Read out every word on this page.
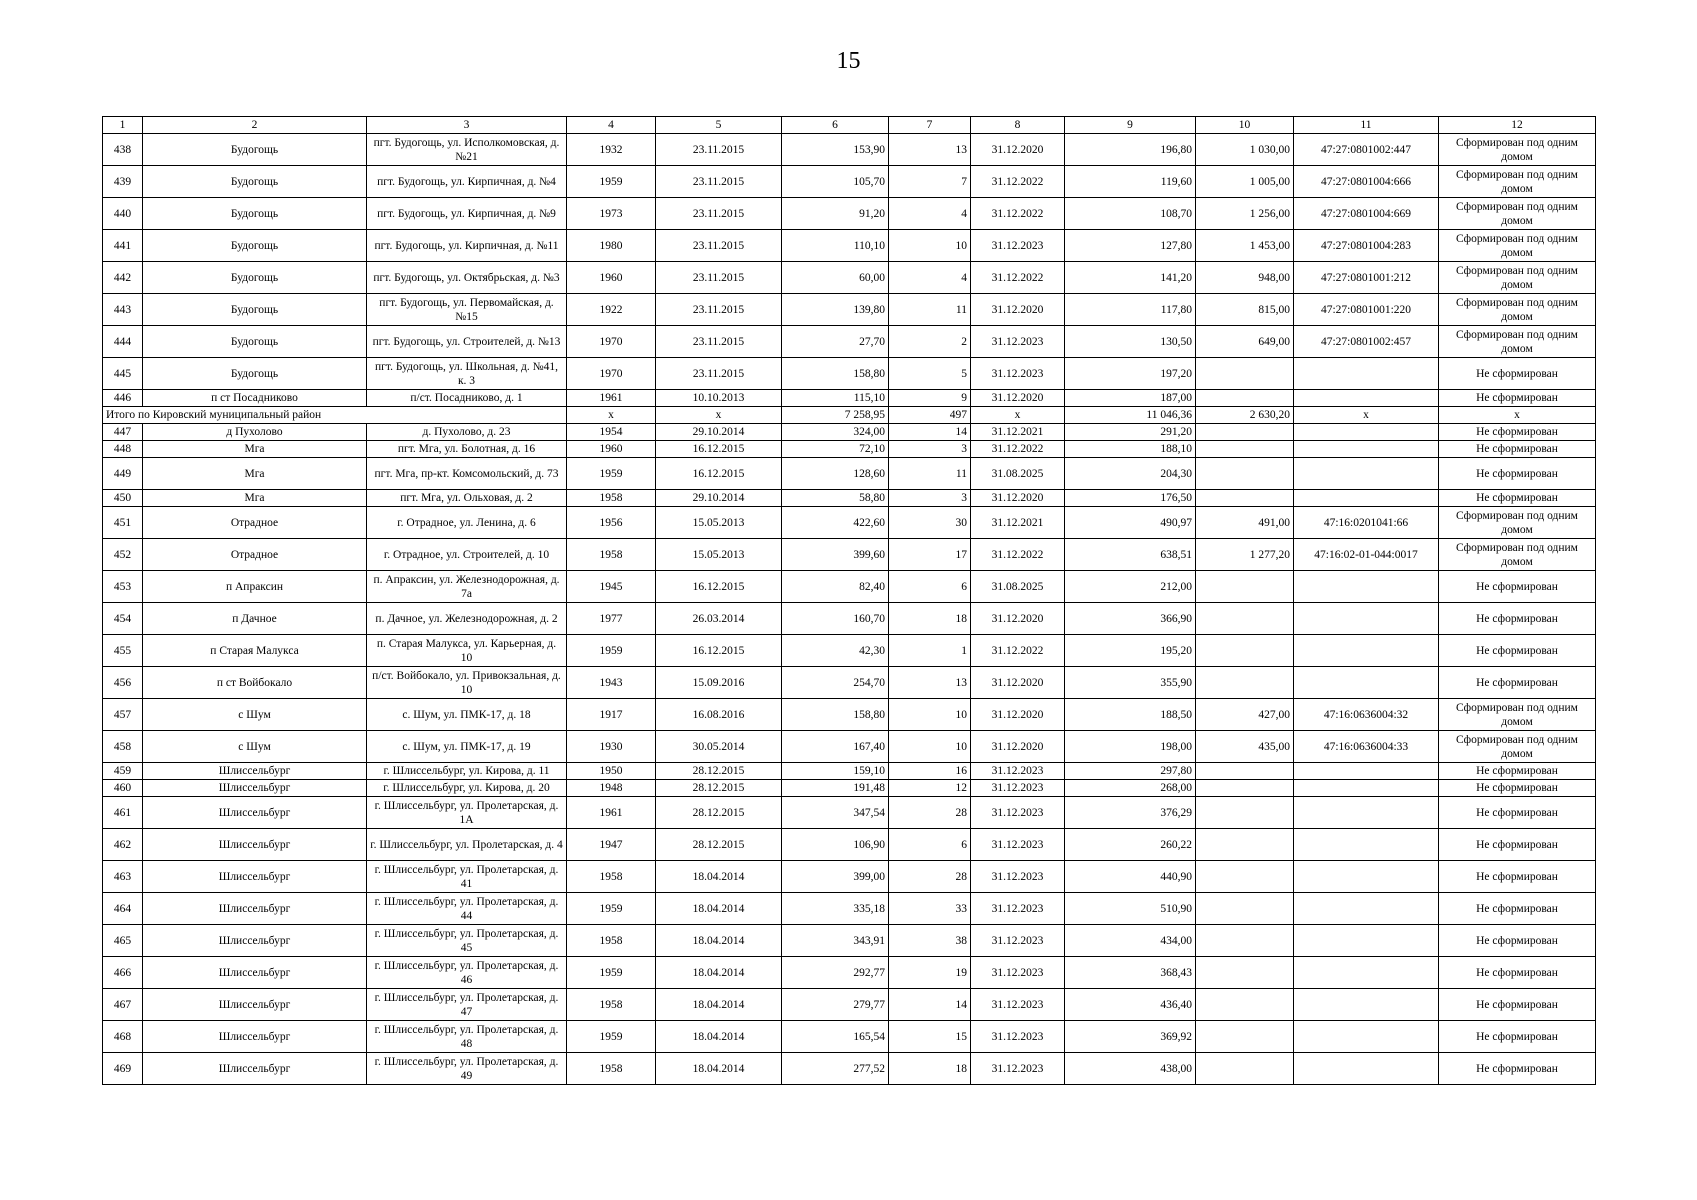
15
1	2	3	4	5	6	7	8	9	10	11	12
438	Будогощь	пгт. Будогощь, ул. Исполкомовская, д. №21	1932	23.11.2015	153,90	13	31.12.2020	196,80	1 030,00	47:27:0801002:447	Сформирован под одним домом
439	Будогощь	пгт. Будогощь, ул. Кирпичная, д. №4	1959	23.11.2015	105,70	7	31.12.2022	119,60	1 005,00	47:27:0801004:666	Сформирован под одним домом
440	Будогощь	пгт. Будогощь, ул. Кирпичная, д. №9	1973	23.11.2015	91,20	4	31.12.2022	108,70	1 256,00	47:27:0801004:669	Сформирован под одним домом
441	Будогощь	пгт. Будогощь, ул. Кирпичная, д. №11	1980	23.11.2015	110,10	10	31.12.2023	127,80	1 453,00	47:27:0801004:283	Сформирован под одним домом
442	Будогощь	пгт. Будогощь, ул. Октябрьская, д. №3	1960	23.11.2015	60,00	4	31.12.2022	141,20	948,00	47:27:0801001:212	Сформирован под одним домом
443	Будогощь	пгт. Будогощь, ул. Первомайская, д. №15	1922	23.11.2015	139,80	11	31.12.2020	117,80	815,00	47:27:0801001:220	Сформирован под одним домом
444	Будогощь	пгт. Будогощь, ул. Строителей, д. №13	1970	23.11.2015	27,70	2	31.12.2023	130,50	649,00	47:27:0801002:457	Сформирован под одним домом
445	Будогощь	пгт. Будогощь, ул. Школьная, д. №41, к. 3	1970	23.11.2015	158,80	5	31.12.2023	197,20			Не сформирован
446	п ст Посадниково	п/ст. Посадниково, д. 1	1961	10.10.2013	115,10	9	31.12.2020	187,00			Не сформирован
Итого по Кировский муниципальный район			x	x	7 258,95	497	x	11 046,36	2 630,20	x	x
447	д Пухолово	д. Пухолово, д. 23	1954	29.10.2014	324,00	14	31.12.2021	291,20			Не сформирован
448	Мга	пгт. Мга, ул. Болотная, д. 16	1960	16.12.2015	72,10	3	31.12.2022	188,10			Не сформирован
449	Мга	пгт. Мга, пр-кт. Комсомольский, д. 73	1959	16.12.2015	128,60	11	31.08.2025	204,30			Не сформирован
450	Мга	пгт. Мга, ул. Ольховая, д. 2	1958	29.10.2014	58,80	3	31.12.2020	176,50			Не сформирован
451	Отрадное	г. Отрадное, ул. Ленина, д. 6	1956	15.05.2013	422,60	30	31.12.2021	490,97	491,00	47:16:0201041:66	Сформирован под одним домом
452	Отрадное	г. Отрадное, ул. Строителей, д. 10	1958	15.05.2013	399,60	17	31.12.2022	638,51	1 277,20	47:16:02-01-044:0017	Сформирован под одним домом
453	п Апраксин	п. Апраксин, ул. Железнодорожная, д. 7а	1945	16.12.2015	82,40	6	31.08.2025	212,00			Не сформирован
454	п Дачное	п. Дачное, ул. Железнодорожная, д. 2	1977	26.03.2014	160,70	18	31.12.2020	366,90			Не сформирован
455	п Старая Малукса	п. Старая Малукса, ул. Карьерная, д. 10	1959	16.12.2015	42,30	1	31.12.2022	195,20			Не сформирован
456	п ст Войбокало	п/ст. Войбокало, ул. Привокзальная, д. 10	1943	15.09.2016	254,70	13	31.12.2020	355,90			Не сформирован
457	с Шум	с. Шум, ул. ПМК-17, д. 18	1917	16.08.2016	158,80	10	31.12.2020	188,50	427,00	47:16:0636004:32	Сформирован под одним домом
458	с Шум	с. Шум, ул. ПМК-17, д. 19	1930	30.05.2014	167,40	10	31.12.2020	198,00	435,00	47:16:0636004:33	Сформирован под одним домом
459	Шлиссельбург	г. Шлиссельбург, ул. Кирова, д. 11	1950	28.12.2015	159,10	16	31.12.2023	297,80			Не сформирован
460	Шлиссельбург	г. Шлиссельбург, ул. Кирова, д. 20	1948	28.12.2015	191,48	12	31.12.2023	268,00			Не сформирован
461	Шлиссельбург	г. Шлиссельбург, ул. Пролетарская, д. 1А	1961	28.12.2015	347,54	28	31.12.2023	376,29			Не сформирован
462	Шлиссельбург	г. Шлиссельбург, ул. Пролетарская, д. 4	1947	28.12.2015	106,90	6	31.12.2023	260,22			Не сформирован
463	Шлиссельбург	г. Шлиссельбург, ул. Пролетарская, д. 41	1958	18.04.2014	399,00	28	31.12.2023	440,90			Не сформирован
464	Шлиссельбург	г. Шлиссельбург, ул. Пролетарская, д. 44	1959	18.04.2014	335,18	33	31.12.2023	510,90			Не сформирован
465	Шлиссельбург	г. Шлиссельбург, ул. Пролетарская, д. 45	1958	18.04.2014	343,91	38	31.12.2023	434,00			Не сформирован
466	Шлиссельбург	г. Шлиссельбург, ул. Пролетарская, д. 46	1959	18.04.2014	292,77	19	31.12.2023	368,43			Не сформирован
467	Шлиссельбург	г. Шлиссельбург, ул. Пролетарская, д. 47	1958	18.04.2014	279,77	14	31.12.2023	436,40			Не сформирован
468	Шлиссельбург	г. Шлиссельбург, ул. Пролетарская, д. 48	1959	18.04.2014	165,54	15	31.12.2023	369,92			Не сформирован
469	Шлиссельбург	г. Шлиссельбург, ул. Пролетарская, д. 49	1958	18.04.2014	277,52	18	31.12.2023	438,00			Не сформирован
